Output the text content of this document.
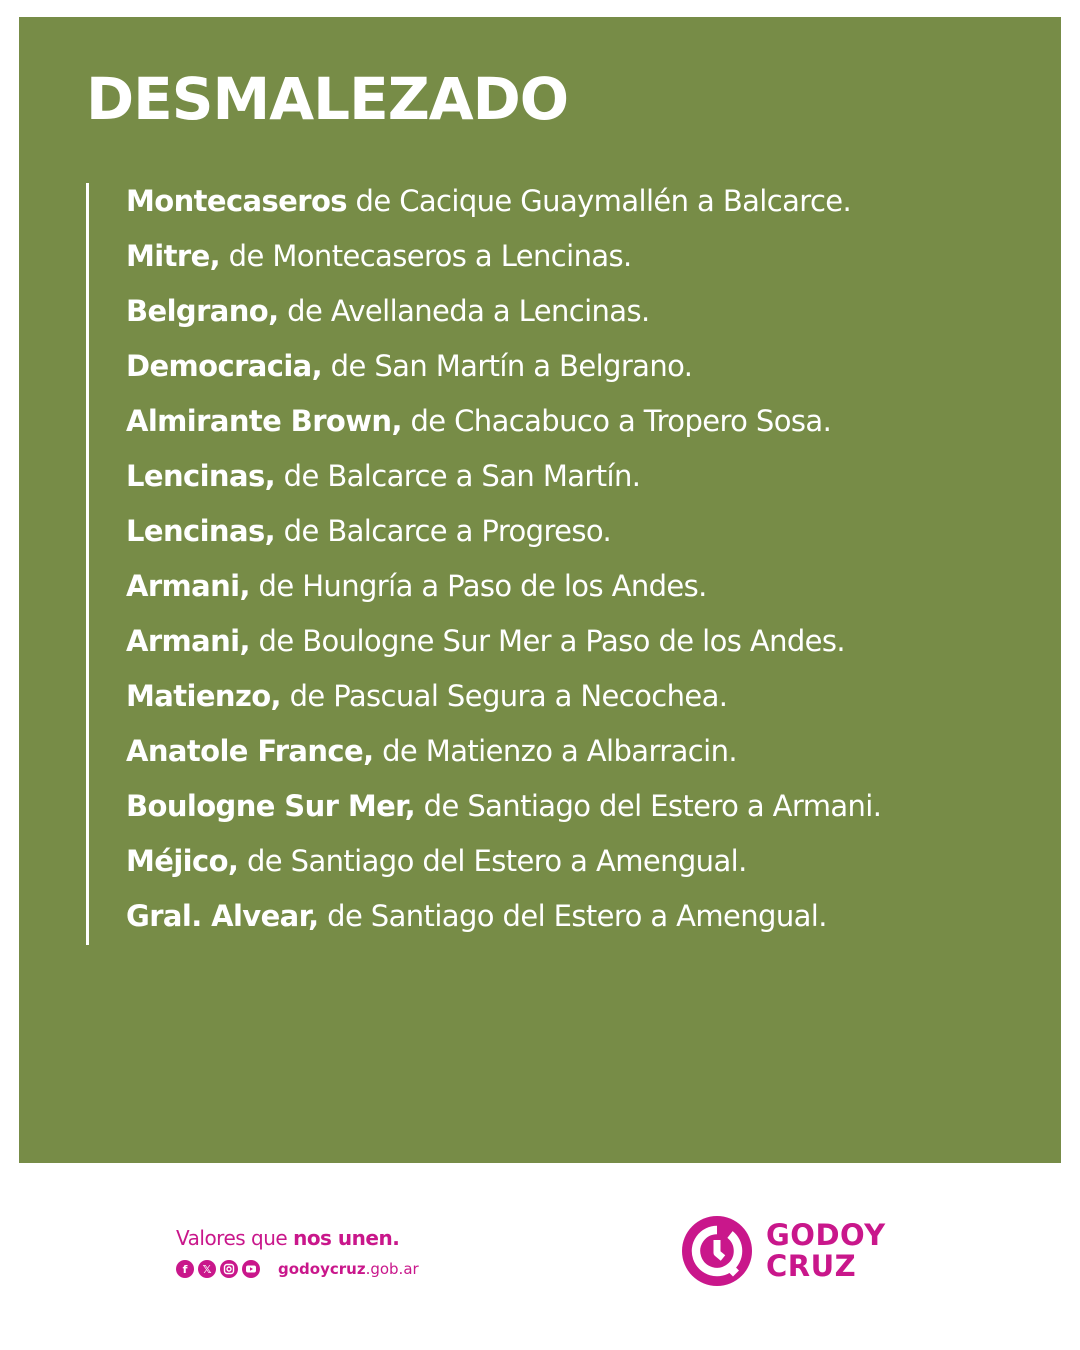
DESMALEZADO
Montecaseros de Cacique Guaymallén a Balcarce.
Mitre, de Montecaseros a Lencinas.
Belgrano, de Avellaneda a Lencinas.
Democracia, de San Martín a Belgrano.
Almirante Brown, de Chacabuco a Tropero Sosa.
Lencinas, de Balcarce a San Martín.
Lencinas, de Balcarce a Progreso.
Armani, de Hungría a Paso de los Andes.
Armani, de Boulogne Sur Mer a Paso de los Andes.
Matienzo, de Pascual Segura a Necochea.
Anatole France, de Matienzo a Albarracin.
Boulogne Sur Mer, de Santiago del Estero a Armani.
Méjico, de Santiago del Estero a Amengual.
Gral. Alvear, de Santiago del Estero a Amengual.
Valores que nos unen.
f	𝕏	godoycruz.gob.ar
GODOY
CRUZ
